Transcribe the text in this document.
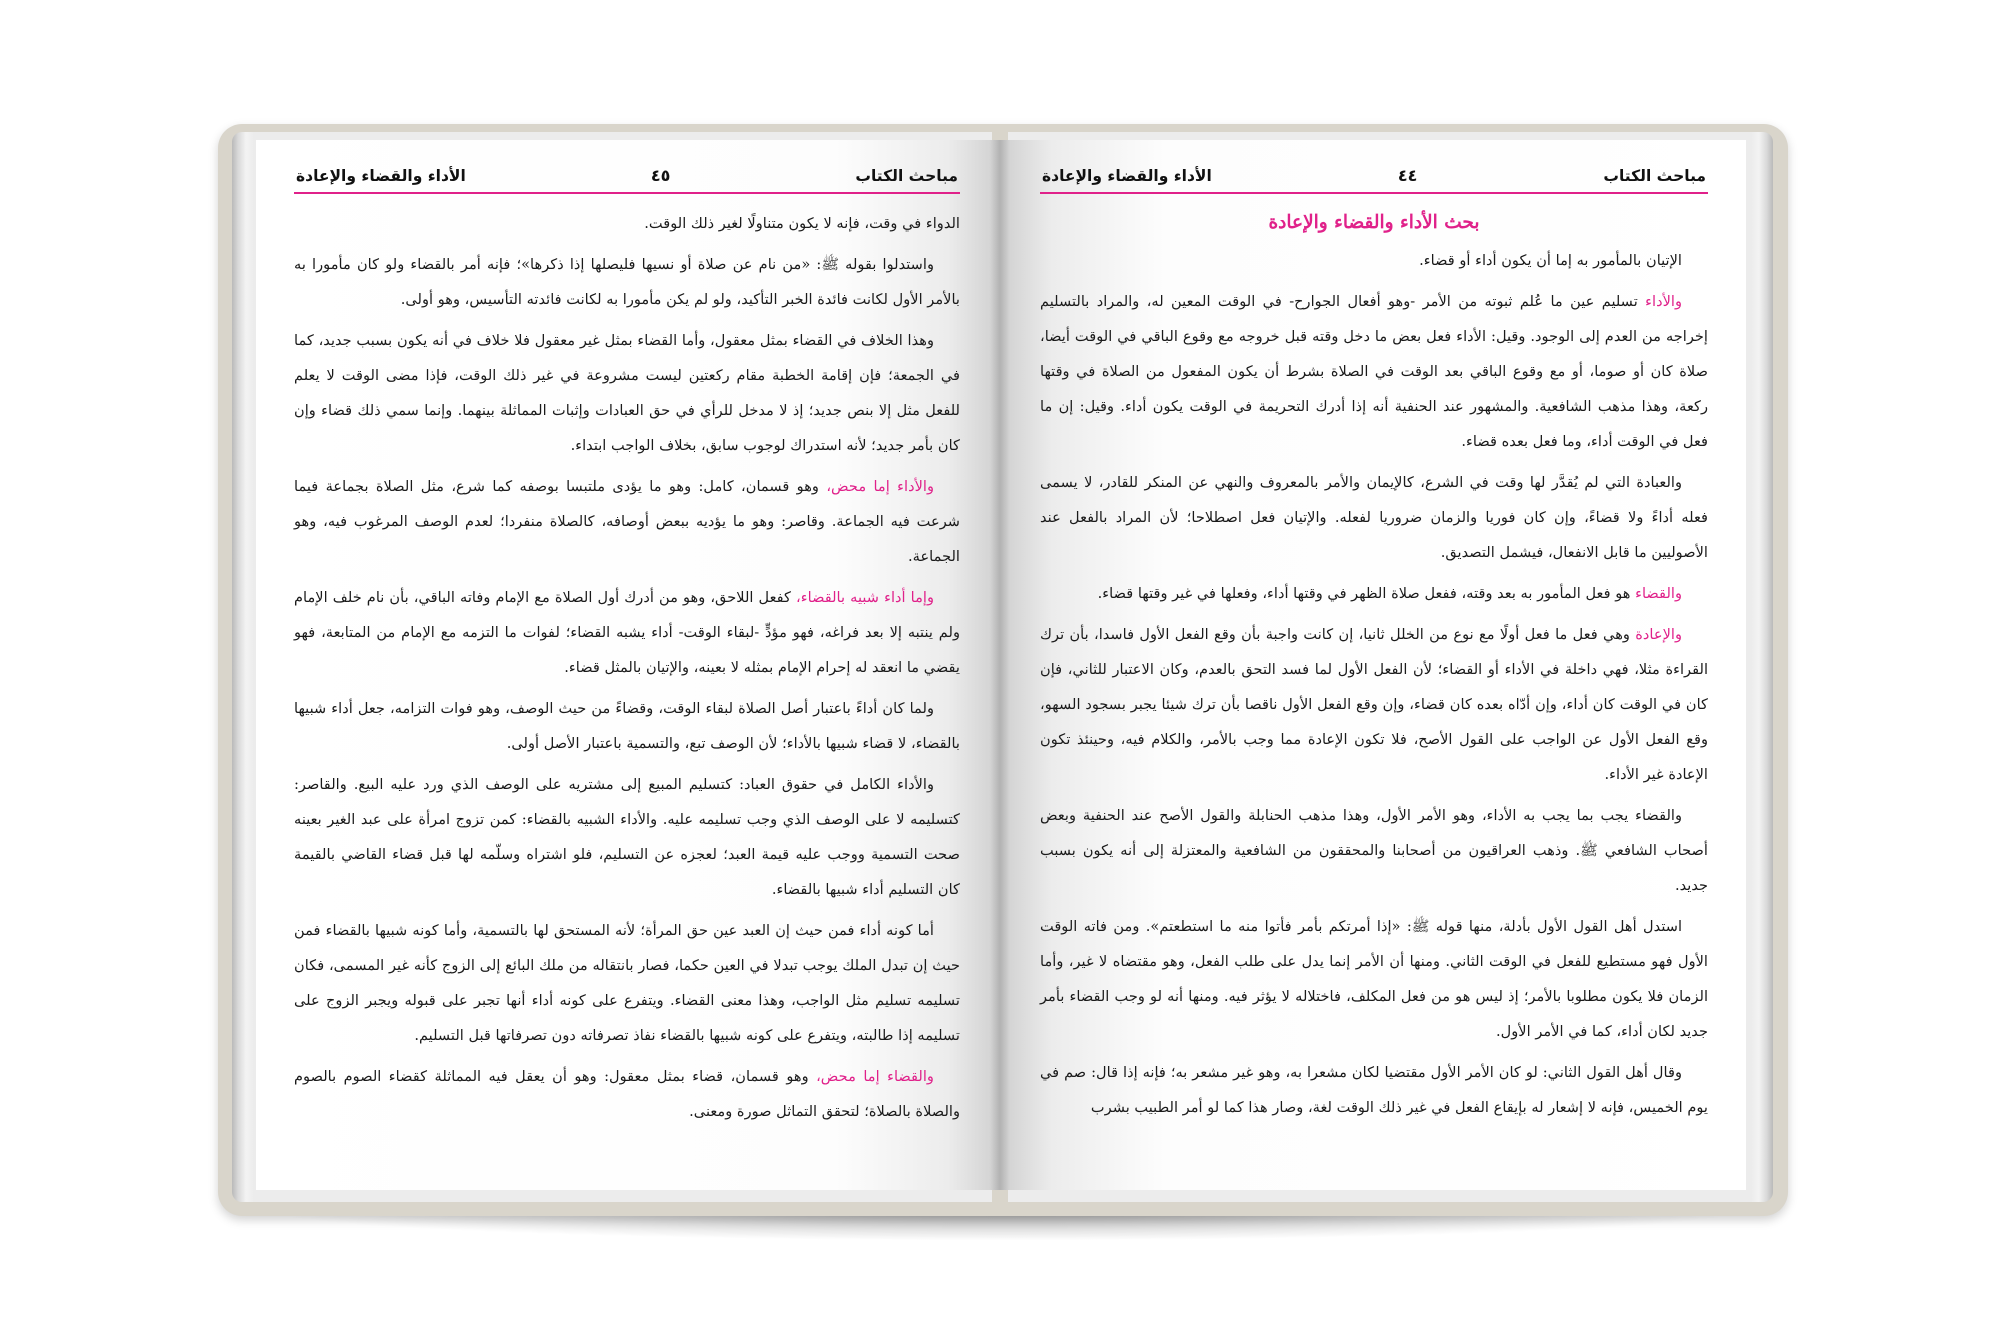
مباحث الكتاب
٤٥
الأداء والقضاء والإعادة

الدواء في وقت، فإنه لا يكون متناولًا لغير ذلك الوقت.

واستدلوا بقوله ﷺ: «من نام عن صلاة أو نسيها فليصلها إذا ذكرها»؛ فإنه أمر بالقضاء ولو كان مأمورا به بالأمر الأول لكانت فائدة الخبر التأكيد، ولو لم يكن مأمورا به لكانت فائدته التأسيس، وهو أولى.

وهذا الخلاف في القضاء بمثل معقول، وأما القضاء بمثل غير معقول فلا خلاف في أنه يكون بسبب جديد، كما في الجمعة؛ فإن إقامة الخطبة مقام ركعتين ليست مشروعة في غير ذلك الوقت، فإذا مضى الوقت لا يعلم للفعل مثل إلا بنص جديد؛ إذ لا مدخل للرأي في حق العبادات وإثبات المماثلة بينهما. وإنما سمي ذلك قضاء وإن كان بأمر جديد؛ لأنه استدراك لوجوب سابق، بخلاف الواجب ابتداء.

والأداء إما محض، وهو قسمان، كامل: وهو ما يؤدى ملتبسا بوصفه كما شرع، مثل الصلاة بجماعة فيما شرعت فيه الجماعة. وقاصر: وهو ما يؤديه ببعض أوصافه، كالصلاة منفردا؛ لعدم الوصف المرغوب فيه، وهو الجماعة.

وإما أداء شبيه بالقضاء، كفعل اللاحق، وهو من أدرك أول الصلاة مع الإمام وفاته الباقي، بأن نام خلف الإمام ولم ينتبه إلا بعد فراغه، فهو مؤدٍّ -لبقاء الوقت- أداء يشبه القضاء؛ لفوات ما التزمه مع الإمام من المتابعة، فهو يقضي ما انعقد له إحرام الإمام بمثله لا بعينه، والإتيان بالمثل قضاء.

ولما كان أداءً باعتبار أصل الصلاة لبقاء الوقت، وقضاءً من حيث الوصف، وهو فوات التزامه، جعل أداء شبيها بالقضاء، لا قضاء شبيها بالأداء؛ لأن الوصف تبع، والتسمية باعتبار الأصل أولى.

والأداء الكامل في حقوق العباد: كتسليم المبيع إلى مشتريه على الوصف الذي ورد عليه البيع. والقاصر: كتسليمه لا على الوصف الذي وجب تسليمه عليه. والأداء الشبيه بالقضاء: كمن تزوج امرأة على عبد الغير بعينه صحت التسمية ووجب عليه قيمة العبد؛ لعجزه عن التسليم، فلو اشتراه وسلّمه لها قبل قضاء القاضي بالقيمة كان التسليم أداء شبيها بالقضاء.

أما كونه أداء فمن حيث إن العبد عين حق المرأة؛ لأنه المستحق لها بالتسمية، وأما كونه شبيها بالقضاء فمن حيث إن تبدل الملك يوجب تبدلا في العين حكما، فصار بانتقاله من ملك البائع إلى الزوج كأنه غير المسمى، فكان تسليمه تسليم مثل الواجب، وهذا معنى القضاء. ويتفرع على كونه أداء أنها تجبر على قبوله ويجبر الزوج على تسليمه إذا طالبته، ويتفرع على كونه شبيها بالقضاء نفاذ تصرفاته دون تصرفاتها قبل التسليم.

والقضاء إما محض، وهو قسمان، قضاء بمثل معقول: وهو أن يعقل فيه المماثلة كقضاء الصوم بالصوم والصلاة بالصلاة؛ لتحقق التماثل صورة ومعنى.

مباحث الكتاب
٤٤
الأداء والقضاء والإعادة
بحث الأداء والقضاء والإعادة

الإتيان بالمأمور به إما أن يكون أداء أو قضاء.

والأداء تسليم عين ما عُلم ثبوته من الأمر -وهو أفعال الجوارح- في الوقت المعين له، والمراد بالتسليم إخراجه من العدم إلى الوجود. وقيل: الأداء فعل بعض ما دخل وقته قبل خروجه مع وقوع الباقي في الوقت أيضا، صلاة كان أو صوما، أو مع وقوع الباقي بعد الوقت في الصلاة بشرط أن يكون المفعول من الصلاة في وقتها ركعة، وهذا مذهب الشافعية. والمشهور عند الحنفية أنه إذا أدرك التحريمة في الوقت يكون أداء. وقيل: إن ما فعل في الوقت أداء، وما فعل بعده قضاء.

والعبادة التي لم يُقدَّر لها وقت في الشرع، كالإيمان والأمر بالمعروف والنهي عن المنكر للقادر، لا يسمى فعله أداءً ولا قضاءً، وإن كان فوريا والزمان ضروريا لفعله. والإتيان فعل اصطلاحا؛ لأن المراد بالفعل عند الأصوليين ما قابل الانفعال، فيشمل التصديق.

والقضاء هو فعل المأمور به بعد وقته، ففعل صلاة الظهر في وقتها أداء، وفعلها في غير وقتها قضاء.

والإعادة وهي فعل ما فعل أولًا مع نوع من الخلل ثانيا، إن كانت واجبة بأن وقع الفعل الأول فاسدا، بأن ترك القراءة مثلا، فهي داخلة في الأداء أو القضاء؛ لأن الفعل الأول لما فسد التحق بالعدم، وكان الاعتبار للثاني، فإن كان في الوقت كان أداء، وإن أدّاه بعده كان قضاء، وإن وقع الفعل الأول ناقصا بأن ترك شيئا يجبر بسجود السهو، وقع الفعل الأول عن الواجب على القول الأصح، فلا تكون الإعادة مما وجب بالأمر، والكلام فيه، وحينئذ تكون الإعادة غير الأداء.

والقضاء يجب بما يجب به الأداء، وهو الأمر الأول، وهذا مذهب الحنابلة والقول الأصح عند الحنفية وبعض أصحاب الشافعي ﷺ. وذهب العراقيون من أصحابنا والمحققون من الشافعية والمعتزلة إلى أنه يكون بسبب جديد.

استدل أهل القول الأول بأدلة، منها قوله ﷺ: «إذا أمرتكم بأمر فأتوا منه ما استطعتم». ومن فاته الوقت الأول فهو مستطيع للفعل في الوقت الثاني. ومنها أن الأمر إنما يدل على طلب الفعل، وهو مقتضاه لا غير، وأما الزمان فلا يكون مطلوبا بالأمر؛ إذ ليس هو من فعل المكلف، فاختلاله لا يؤثر فيه. ومنها أنه لو وجب القضاء بأمر جديد لكان أداء، كما في الأمر الأول.

وقال أهل القول الثاني: لو كان الأمر الأول مقتضيا لكان مشعرا به، وهو غير مشعر به؛ فإنه إذا قال: صم في يوم الخميس، فإنه لا إشعار له بإيقاع الفعل في غير ذلك الوقت لغة، وصار هذا كما لو أمر الطبيب بشرب
